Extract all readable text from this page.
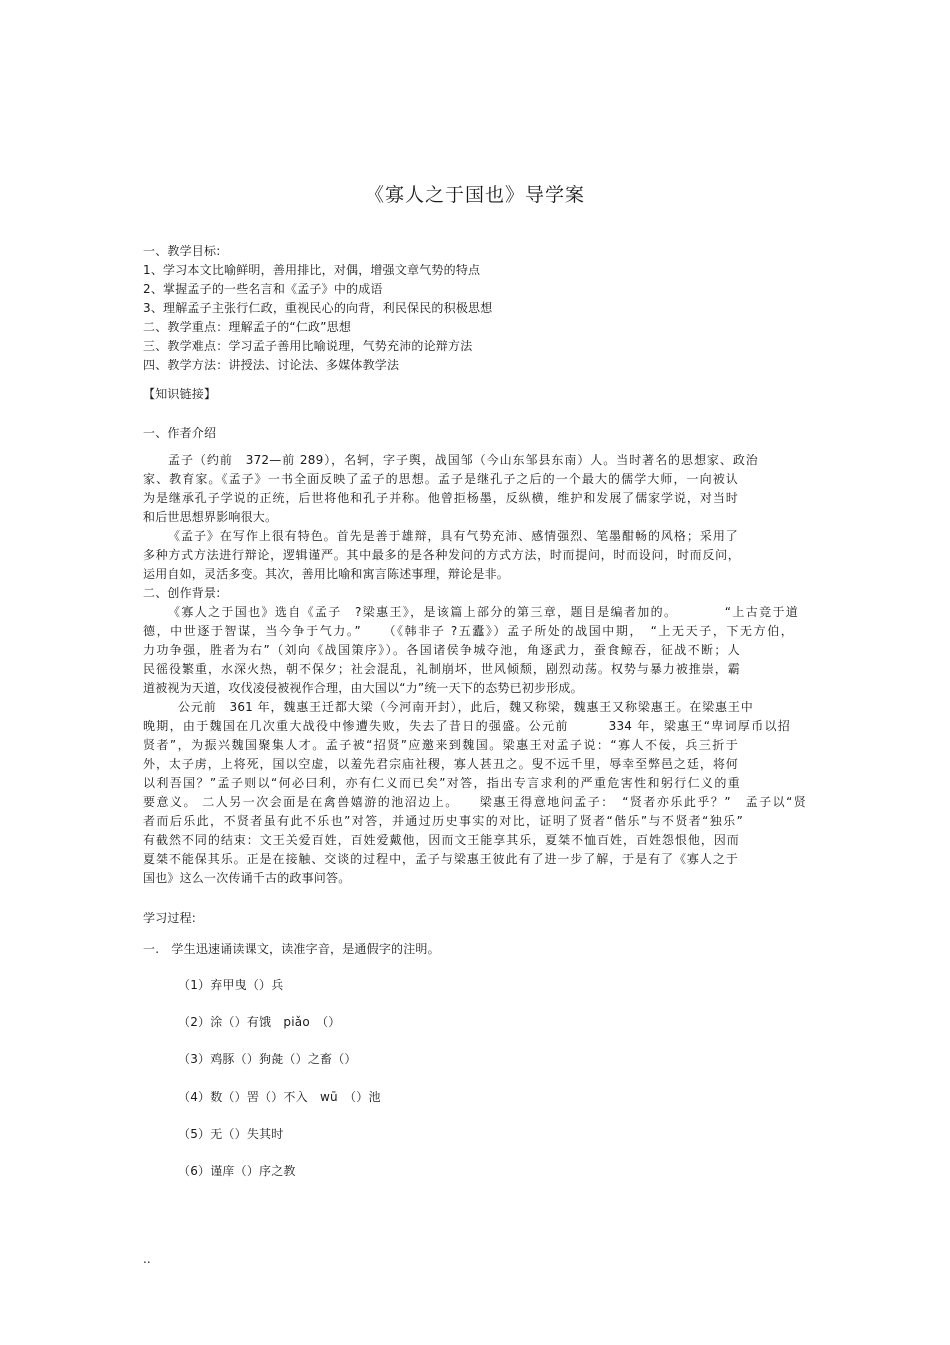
《寡人之于国也》导学案
一、教学目标:
1、学习本文比喻鲜明，善用排比，对偶，增强文章气势的特点
2、掌握孟子的一些名言和《孟子》中的成语
3、理解孟子主张行仁政，重视民心的向背，利民保民的积极思想
二、教学重点：理解孟子的“仁政”思想
三、教学难点：学习孟子善用比喻说理，气势充沛的论辩方法
四、教学方法：讲授法、讨论法、多媒体教学法
【知识链接】
一、作者介绍
孟子（约前　372—前 289），名轲，字子舆，战国邹（今山东邹县东南）人。当时著名的思想家、政治
家、教育家。《孟子》一书全面反映了孟子的思想。孟子是继孔子之后的一个最大的儒学大师，一向被认
为是继承孔子学说的正统，后世将他和孔子并称。他曾拒杨墨，反纵横，维护和发展了儒家学说，对当时
和后世思想界影响很大。
《孟子》在写作上很有特色。首先是善于雄辩，具有气势充沛、感情强烈、笔墨酣畅的风格；采用了
多种方式方法进行辩论，逻辑谨严。其中最多的是各种发问的方式方法，时而提问，时而设问，时而反问，
运用自如，灵活多变。其次，善用比喻和寓言陈述事理，辩论是非。
二、创作背景:
《寡人之于国也》选自《孟子　?梁惠王》，是该篇上部分的第三章，题目是编者加的。　　　　“上古竞于道
德，中世逐于智谋，当今争于气力。”　　（《韩非子 ?五蠹》）孟子所处的战国中期，　“上无天子，下无方伯，
力功争强，胜者为右”（刘向《战国策序》）。各国诸侯争城夺池，角逐武力，蚕食鲸吞，征战不断；人
民徭役繁重，水深火热，朝不保夕；社会混乱，礼制崩坏，世风倾颓，剧烈动荡。权势与暴力被推崇，霸
道被视为天道，攻伐凌侵被视作合理，由大国以“力”统一天下的态势已初步形成。
公元前　361 年，魏惠王迁都大梁（今河南开封），此后，魏又称梁，魏惠王又称梁惠王。在梁惠王中
晚期，由于魏国在几次重大战役中惨遭失败，失去了昔日的强盛。公元前　　　334 年，梁惠王“卑词厚币以招
贤者”，为振兴魏国聚集人才。孟子被“招贤”应邀来到魏国。梁惠王对孟子说：“寡人不佞，兵三折于
外，太子虏，上将死，国以空虚，以羞先君宗庙社稷，寡人甚丑之。叟不远千里，辱幸至弊邑之廷，将何
以利吾国？”孟子则以“何必曰利，亦有仁义而已矣”对答，指出专言求利的严重危害性和躬行仁义的重
要意义。 二人另一次会面是在禽兽嬉游的池沼边上。　　梁惠王得意地问孟子：　“贤者亦乐此乎？”　孟子以“贤
者而后乐此，不贤者虽有此不乐也”对答，并通过历史事实的对比，证明了贤者“偕乐”与不贤者“独乐”
有截然不同的结束：文王关爱百姓，百姓爱戴他，因而文王能享其乐，夏桀不恤百姓，百姓怨恨他，因而
夏桀不能保其乐。正是在接触、交谈的过程中，孟子与梁惠王彼此有了进一步了解，于是有了《寡人之于
国也》这么一次传诵千古的政事问答。
学习过程:
一.　学生迅速诵读课文，读准字音，是通假字的注明。
（1）弃甲曳（）兵
（2）涂（）有饿　piǎo　（）
（3）鸡豚（）狗彘（）之畜（）
（4）数（）罟（）不入　wū　（）池
（5）无（）失其时
（6）谨庠（）序之教
..
